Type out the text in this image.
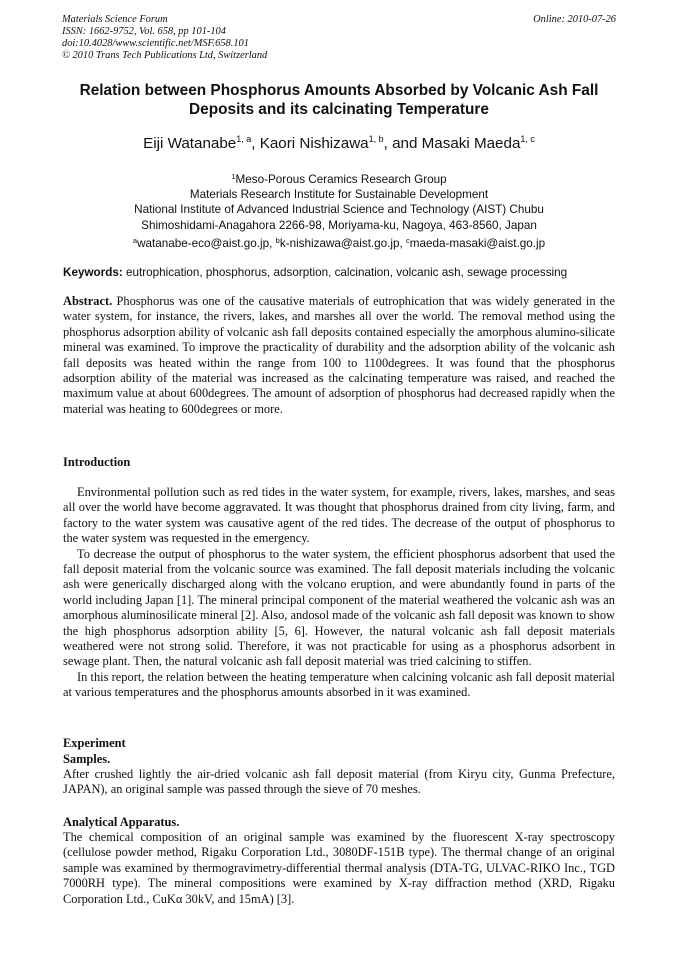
Materials Science Forum
ISSN: 1662-9752, Vol. 658, pp 101-104
doi:10.4028/www.scientific.net/MSF.658.101
© 2010 Trans Tech Publications Ltd, Switzerland
Online: 2010-07-26
Relation between Phosphorus Amounts Absorbed by Volcanic Ash Fall
Deposits and its calcinating Temperature
Eiji Watanabe$^{1, a}$, Kaori Nishizawa$^{1, b}$, and Masaki Maeda$^{1, c}$
$^1$Meso-Porous Ceramics Research Group
Materials Research Institute for Sustainable Development
National Institute of Advanced Industrial Science and Technology (AIST) Chubu
Shimoshidami-Anagahora 2266-98, Moriyama-ku, Nagoya, 463-8560, Japan
$^a$watanabe-eco@aist.go.jp, $^b$k-nishizawa@aist.go.jp, $^c$maeda-masaki@aist.go.jp
Keywords: eutrophication, phosphorus, adsorption, calcination, volcanic ash, sewage processing

Abstract. Phosphorus was one of the causative materials of eutrophication that was widely generated in the water system, for instance, the rivers, lakes, and marshes all over the world. The removal method using the phosphorus adsorption ability of volcanic ash fall deposits contained especially the amorphous alumino-silicate mineral was examined. To improve the practicality of durability and the adsorption ability of the volcanic ash fall deposits was heated within the range from 100 to 1100degrees. It was found that the phosphorus adsorption ability of the material was increased as the calcinating temperature was raised, and reached the maximum value at about 600degrees. The amount of adsorption of phosphorus had decreased rapidly when the material was heating to 600degrees or more.

Introduction

Environmental pollution such as red tides in the water system, for example, rivers, lakes, marshes, and seas all over the world have become aggravated. It was thought that phosphorus drained from city living, farm, and factory to the water system was causative agent of the red tides. The decrease of the output of phosphorus to the water system was requested in the emergency.

To decrease the output of phosphorus to the water system, the efficient phosphorus adsorbent that used the fall deposit material from the volcanic source was examined. The fall deposit materials including the volcanic ash were generically discharged along with the volcano eruption, and were abundantly found in parts of the world including Japan [1]. The mineral principal component of the material weathered the volcanic ash was an amorphous aluminosilicate mineral [2]. Also, andosol made of the volcanic ash fall deposit was known to show the high phosphorus adsorption ability [5, 6]. However, the natural volcanic ash fall deposit materials weathered were not strong solid. Therefore, it was not practicable for using as a phosphorus adsorbent in sewage plant. Then, the natural volcanic ash fall deposit material was tried calcining to stiffen.

In this report, the relation between the heating temperature when calcining volcanic ash fall deposit material at various temperatures and the phosphorus amounts absorbed in it was examined.

Experiment
Samples.
After crushed lightly the air-dried volcanic ash fall deposit material (from Kiryu city, Gunma Prefecture, JAPAN), an original sample was passed through the sieve of 70 meshes.
Analytical Apparatus.
The chemical composition of an original sample was examined by the fluorescent X-ray spectroscopy (cellulose powder method, Rigaku Corporation Ltd., 3080DF-151B type). The thermal change of an original sample was examined by thermogravimetry-differential thermal analysis (DTA-TG, ULVAC-RIKO Inc., TGD 7000RH type). The mineral compositions were examined by X-ray diffraction method (XRD, Rigaku Corporation Ltd., CuKα 30kV, and 15mA) [3].
